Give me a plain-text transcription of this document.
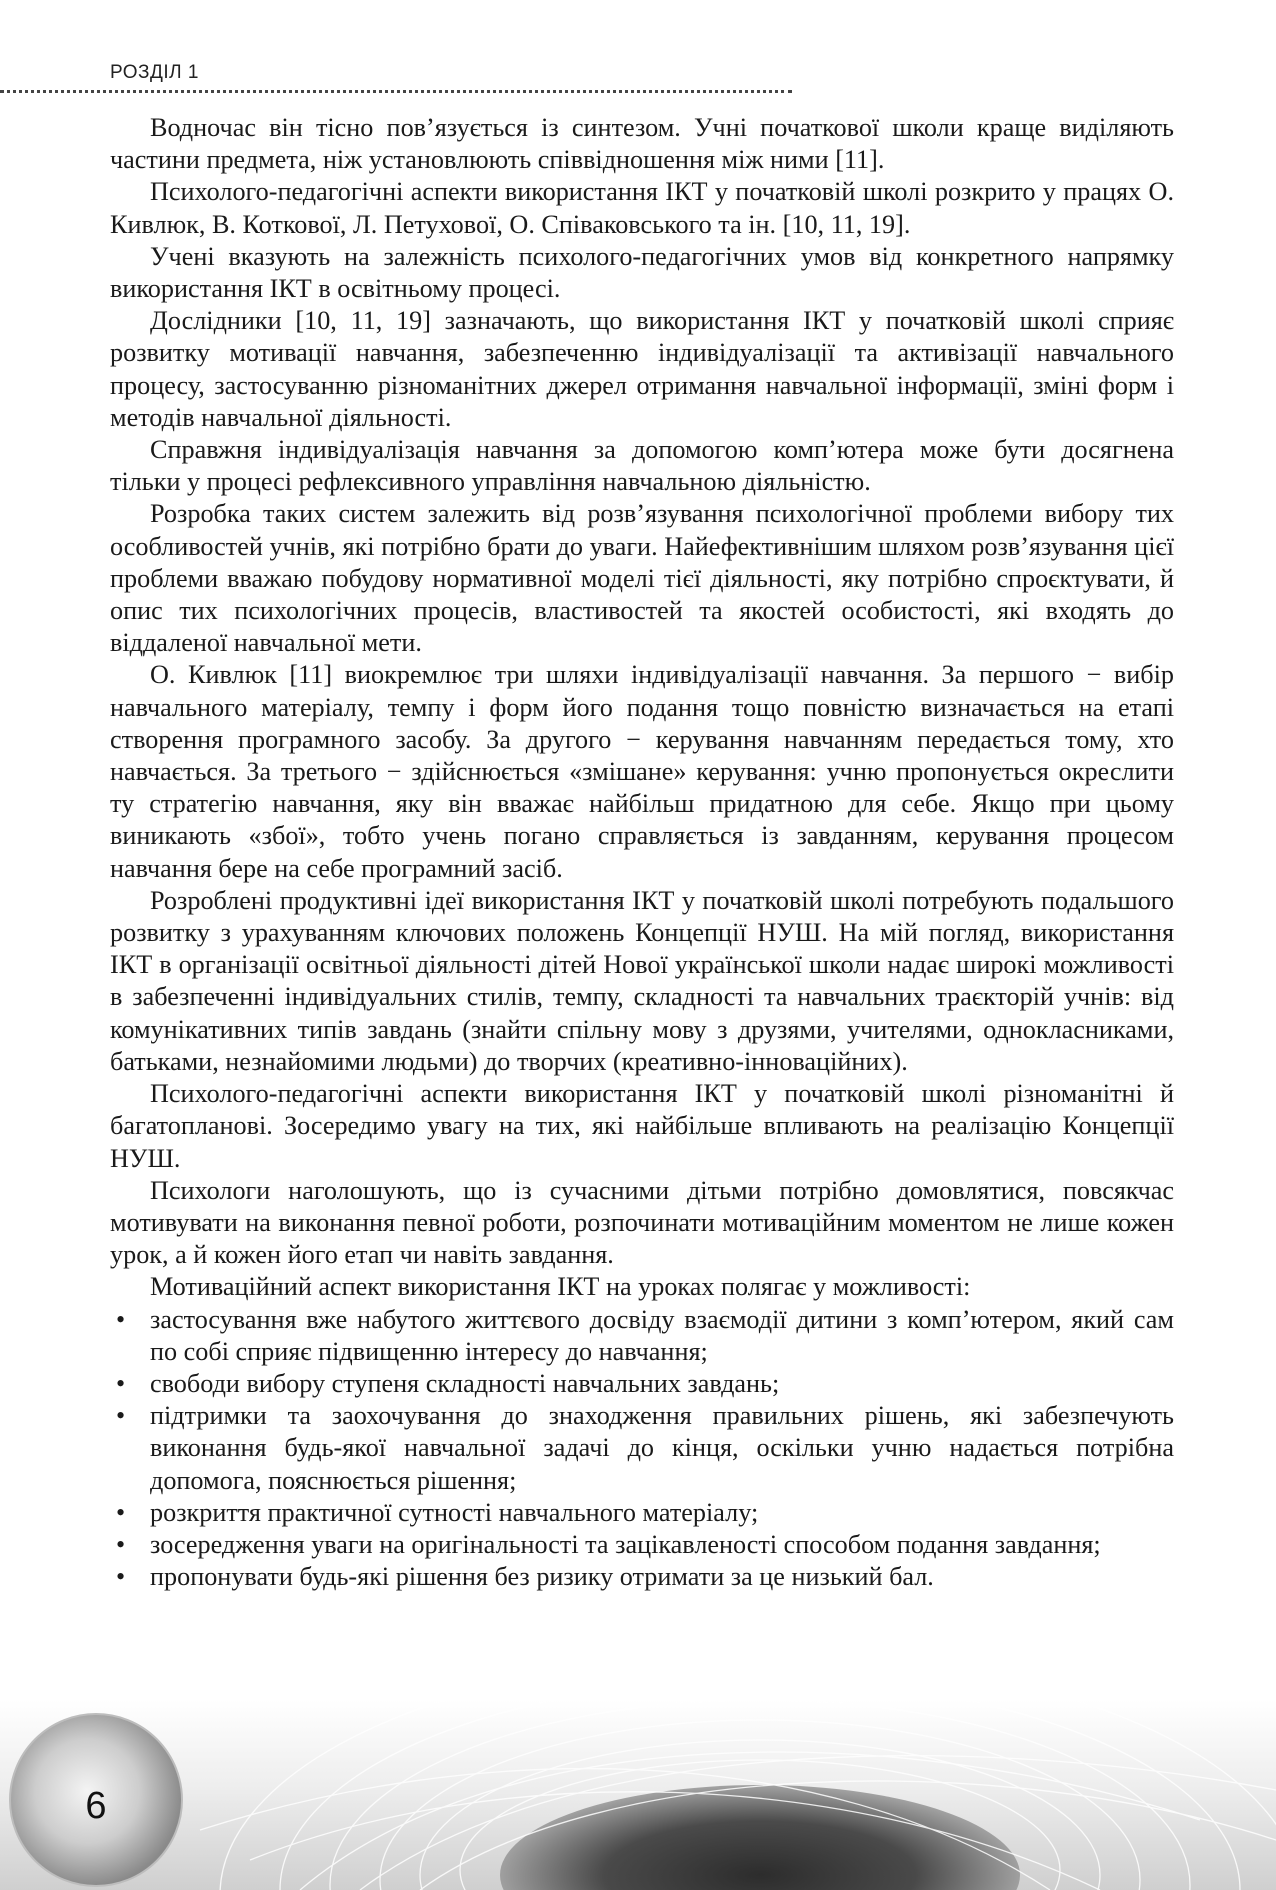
РОЗДІЛ 1

Водночас він тісно пов’язується із синтезом. Учні початкової школи краще виділяють частини предмета, ніж установлюють співвідношення між ними [11].

Психолого-педагогічні аспекти використання ІКТ у початковій школі розкрито у працях О. Кивлюк, В. Коткової, Л. Петухової, О. Співаковського та ін. [10, 11, 19].

Учені вказують на залежність психолого-педагогічних умов від конкретного напрямку використання ІКТ в освітньому процесі.

Дослідники [10, 11, 19] зазначають, що використання ІКТ у початковій школі сприяє розвитку мотивації навчання, забезпеченню індивідуалізації та активізації навчального процесу, застосуванню різноманітних джерел отримання навчальної інформації, зміні форм і методів навчальної діяльності.

Справжня індивідуалізація навчання за допомогою комп’ютера може бути досягнена тільки у процесі рефлексивного управління навчальною діяльністю.

Розробка таких систем залежить від розв’язування психологічної проблеми вибору тих особливостей учнів, які потрібно брати до уваги. Найефективнішим шляхом розв’язування цієї проблеми вважаю побудову нормативної моделі тієї діяльності, яку потрібно спроєктувати, й опис тих психологічних процесів, властивостей та якостей особистості, які входять до віддаленої навчальної мети.

О. Кивлюк [11] виокремлює три шляхи індивідуалізації навчання. За першого − вибір навчального матеріалу, темпу і форм його подання тощо повністю визначається на етапі створення програмного засобу. За другого − керування навчанням передається тому, хто навчається. За третього − здійснюється «змішане» керування: учню пропонується окреслити ту стратегію навчання, яку він вважає найбільш придатною для себе. Якщо при цьому виникають «збої», тобто учень погано справляється із завданням, керування процесом навчання бере на себе програмний засіб.

Розроблені продуктивні ідеї використання ІКТ у початковій школі потребують подальшого розвитку з урахуванням ключових положень Концепції НУШ. На мій погляд, використання ІКТ в організації освітньої діяльності дітей Нової української школи надає широкі можливості в забезпеченні індивідуальних стилів, темпу, складності та навчальних траєкторій учнів: від комунікативних типів завдань (знайти спільну мову з друзями, учителями, однокласниками, батьками, незнайомими людьми) до творчих (креативно-інноваційних).

Психолого-педагогічні аспекти використання ІКТ у початковій школі різноманітні й багатопланові. Зосередимо увагу на тих, які найбільше впливають на реалізацію Концепції НУШ.

Психологи наголошують, що із сучасними дітьми потрібно домовлятися, повсякчас мотивувати на виконання певної роботи, розпочинати мотиваційним моментом не лише кожен урок, а й кожен його етап чи навіть завдання.

Мотиваційний аспект використання ІКТ на уроках полягає у можливості:

• застосування вже набутого життєвого досвіду взаємодії дитини з комп’ютером, який сам по собі сприяє підвищенню інтересу до навчання;
• свободи вибору ступеня складності навчальних завдань;
• підтримки та заохочування до знаходження правильних рішень, які забезпечують виконання будь-якої навчальної задачі до кінця, оскільки учню надається потрібна допомога, пояснюється рішення;
• розкриття практичної сутності навчального матеріалу;
• зосередження уваги на оригінальності та зацікавленості способом подання завдання;
• пропонувати будь-які рішення без ризику отримати за це низький бал.
6
